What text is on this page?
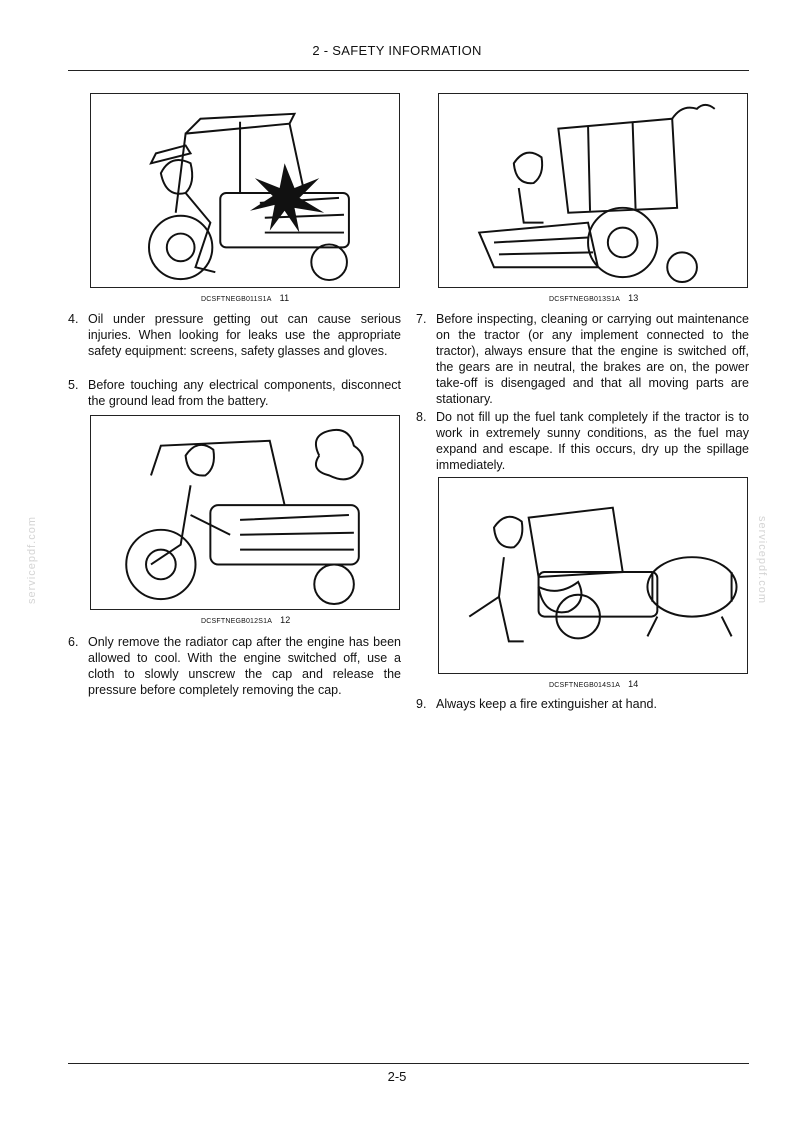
2 - SAFETY INFORMATION
servicepdf.com	servicepdf.com
DCSFTNEGB011S1A 11	DCSFTNEGB013S1A 13
4. Oil under pressure getting out can cause serious injuries. When looking for leaks use the appropriate safety equipment: screens, safety glasses and gloves.
5. Before touching any electrical components, disconnect the ground lead from the battery.
DCSFTNEGB012S1A 12
6. Only remove the radiator cap after the engine has been allowed to cool. With the engine switched off, use a cloth to slowly unscrew the cap and release the pressure before completely removing the cap.
7. Before inspecting, cleaning or carrying out maintenance on the tractor (or any implement connected to the tractor), always ensure that the engine is switched off, the gears are in neutral, the brakes are on, the power take-off is disengaged and that all moving parts are stationary.
8. Do not fill up the fuel tank completely if the tractor is to work in extremely sunny conditions, as the fuel may expand and escape. If this occurs, dry up the spillage immediately.
DCSFTNEGB014S1A 14
9. Always keep a fire extinguisher at hand.
2-5
